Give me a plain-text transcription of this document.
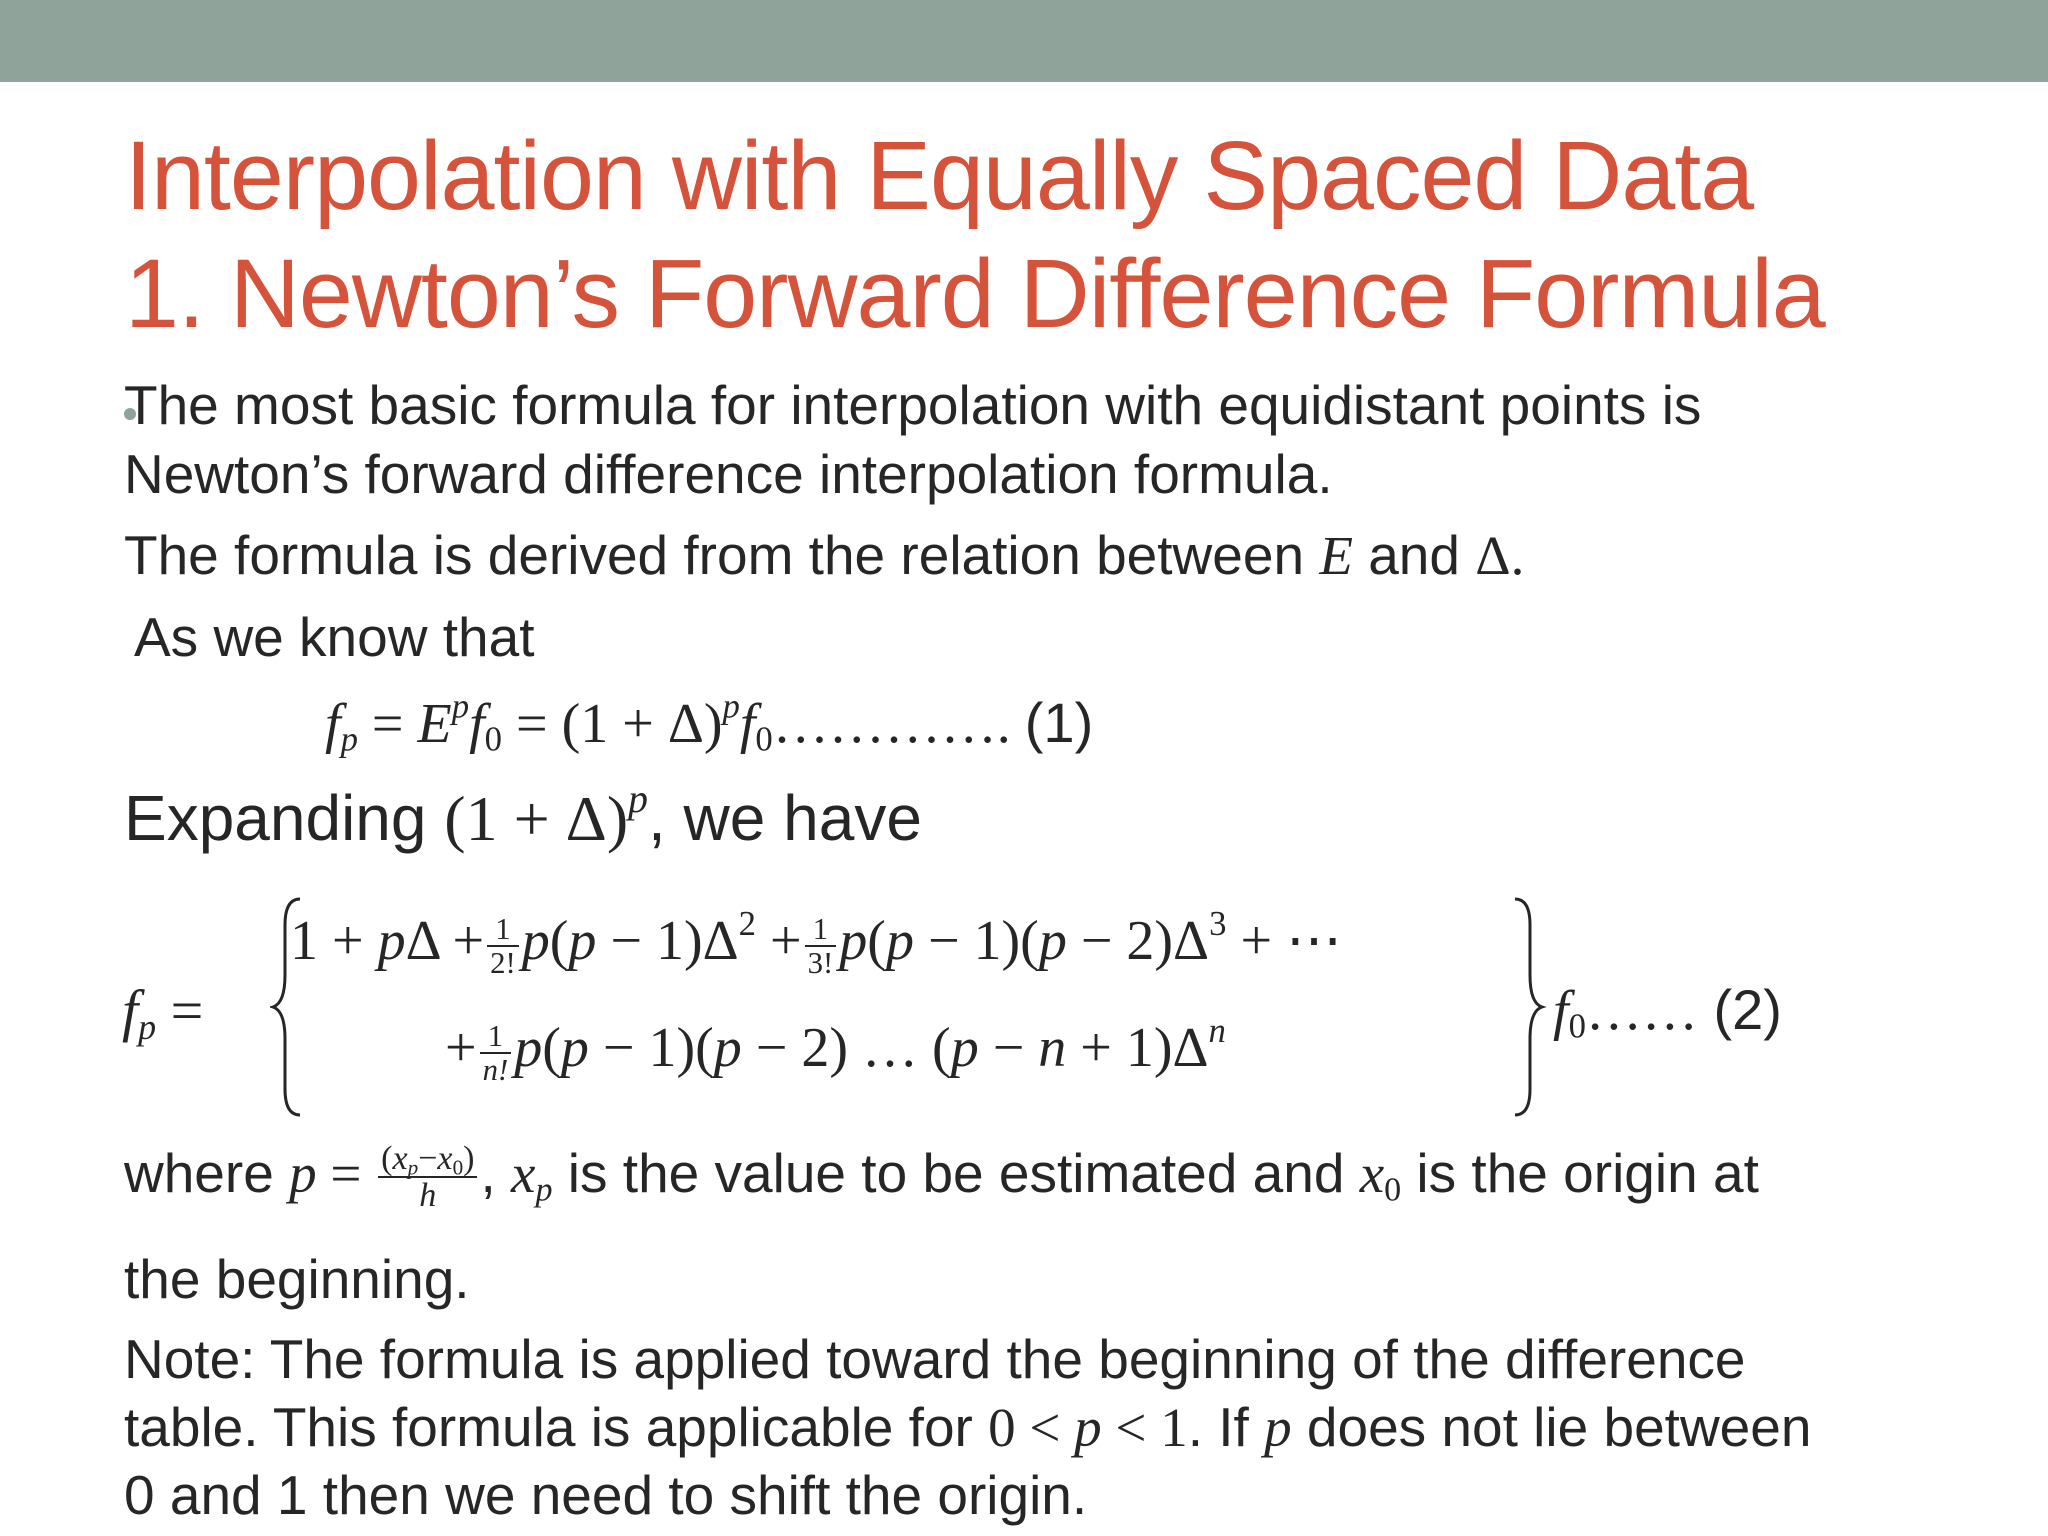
Interpolation with Equally Spaced Data
1. Newton’s Forward Difference Formula
The most basic formula for interpolation with equidistant points is
Newton’s forward difference interpolation formula.
The formula is derived from the relation between E and Δ.
As we know that
$f_p = E^pf_0 = (1$ + $\Delta)^pf_0\dots\dots\dots\dots$. (1)
Expanding $(1 + \Delta)^p$, we have
$f_p$ =
$1 + p\Delta + \frac{1}{2!} p(p - 1)\Delta^2 + \frac{1}{3!} p(p - 1)(p - 2)\Delta^3$ + ⋯
+ $\frac{1}{n!} p(p - 1)(p - 2)$ … $(p - n + 1)\Delta^n$	$f_0\dots\dots$ (2)
where $p = \frac{(x_p-x_0)}{h}$ , $x_p$ is the value to be estimated and $x_0$ is the origin at
the beginning.
Note: The formula is applied toward the beginning of the difference
table. This formula is applicable for 0 < p < 1. If p does not lie between
0 and 1 then we need to shift the origin.
